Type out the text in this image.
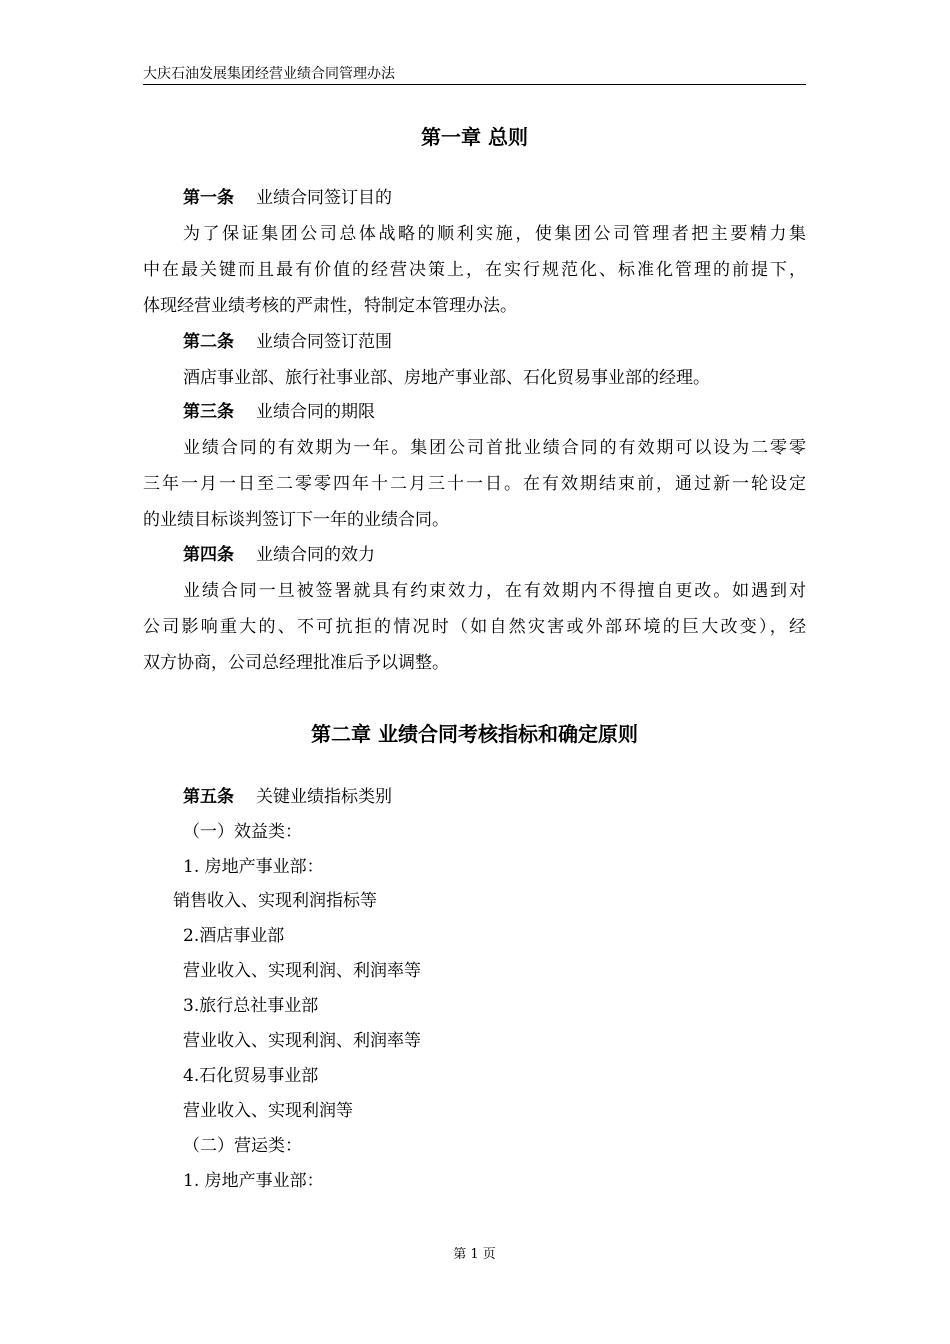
大庆石油发展集团经营业绩合同管理办法
第一章 总则
第一条 业绩合同签订目的
为了保证集团公司总体战略的顺利实施，使集团公司管理者把主要精力集
中在最关键而且最有价值的经营决策上，在实行规范化、标准化管理的前提下，
体现经营业绩考核的严肃性，特制定本管理办法。
第二条 业绩合同签订范围
酒店事业部、旅行社事业部、房地产事业部、石化贸易事业部的经理。
第三条 业绩合同的期限
业绩合同的有效期为一年。集团公司首批业绩合同的有效期可以设为二零零
三年一月一日至二零零四年十二月三十一日。在有效期结束前，通过新一轮设定
的业绩目标谈判签订下一年的业绩合同。
第四条 业绩合同的效力
业绩合同一旦被签署就具有约束效力，在有效期内不得擅自更改。如遇到对
公司影响重大的、不可抗拒的情况时（如自然灾害或外部环境的巨大改变），经
双方协商，公司总经理批准后予以调整。
第二章 业绩合同考核指标和确定原则
第五条 关键业绩指标类别
（一）效益类：
1. 房地产事业部：
销售收入、实现利润指标等
2.酒店事业部
营业收入、实现利润、利润率等
3.旅行总社事业部
营业收入、实现利润、利润率等
4.石化贸易事业部
营业收入、实现利润等
（二）营运类：
1. 房地产事业部：
第 1 页
